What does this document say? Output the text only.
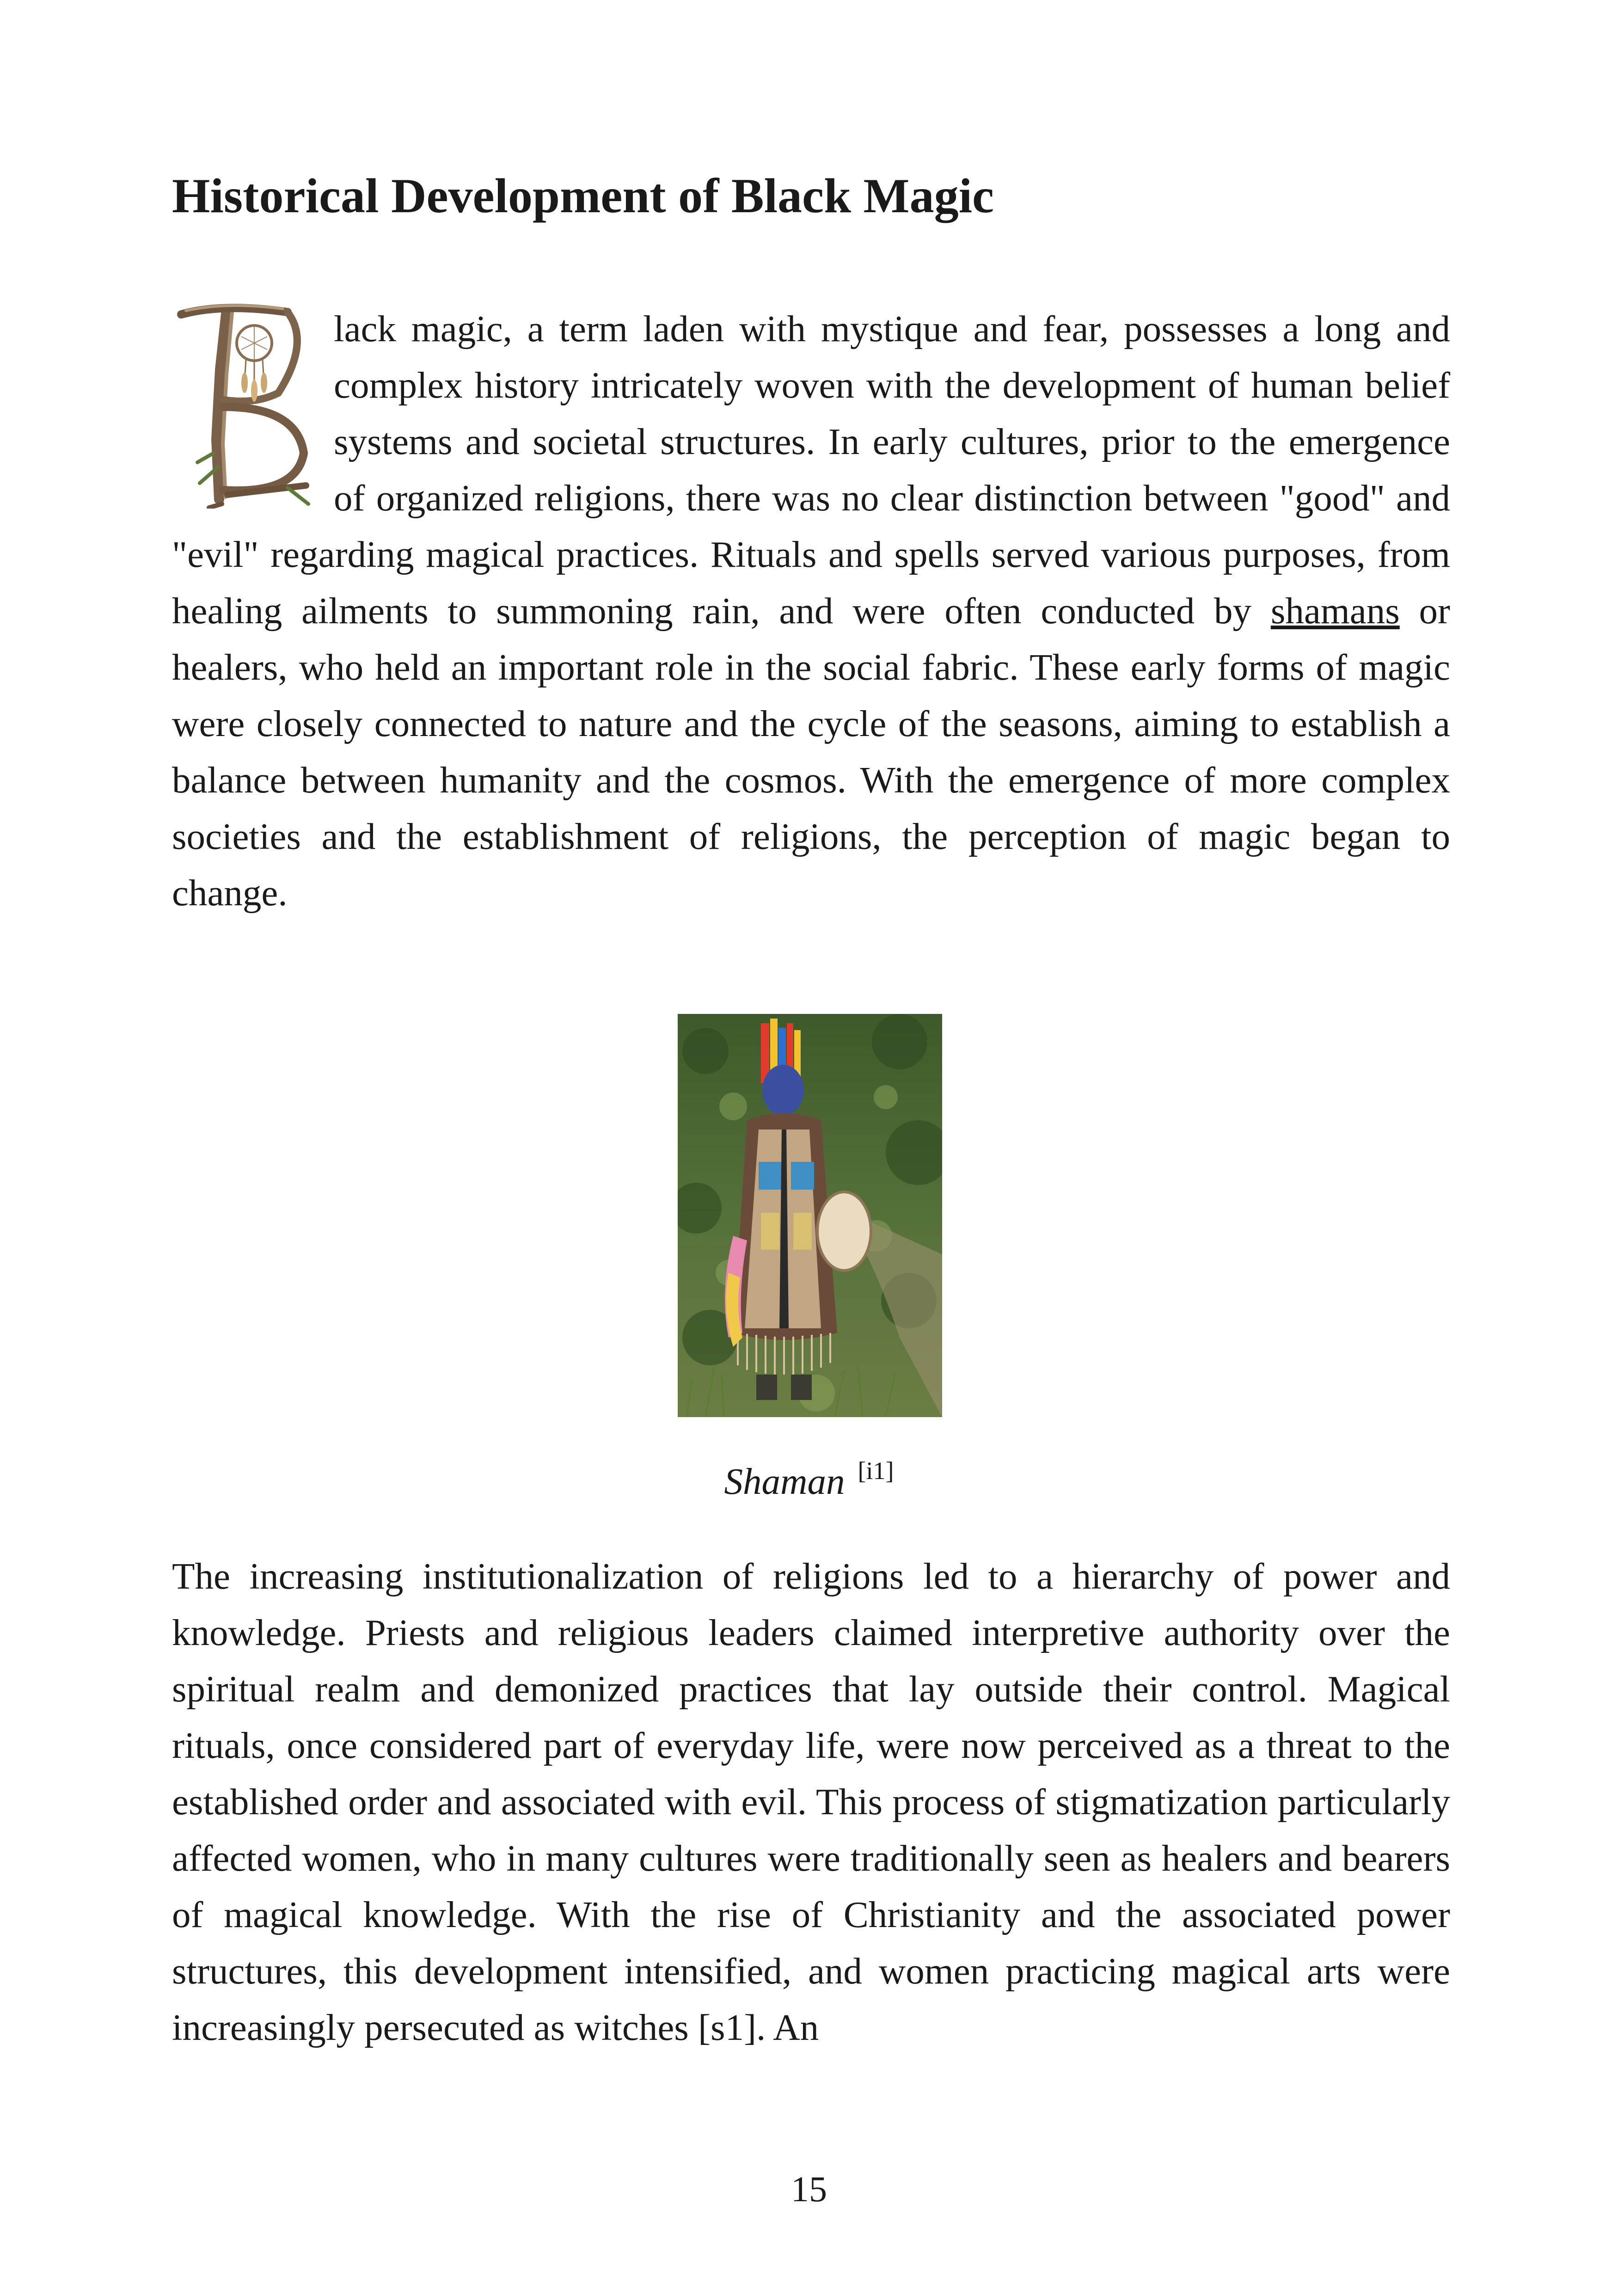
Historical Development of Black Magic

lack magic, a term laden with mystique and fear, possesses a long and complex history intricately woven with the development of human belief systems and societal structures. In early cultures, prior to the emergence of organized religions, there was no clear distinction between "good" and "evil" regarding magical practices. Rituals and spells served various purposes, from healing ailments to summoning rain, and were often conducted by shamans or healers, who held an important role in the social fabric. These early forms of magic were closely connected to nature and the cycle of the seasons, aiming to establish a balance between humanity and the cosmos. With the emergence of more complex societies and the establishment of religions, the perception of magic began to change.

Shaman [i1]

The increasing institutionalization of religions led to a hierarchy of power and knowledge. Priests and religious leaders claimed interpretive authority over the spiritual realm and demonized practices that lay outside their control. Magical rituals, once considered part of everyday life, were now perceived as a threat to the established order and associated with evil. This process of stigmatization particularly affected women, who in many cultures were traditionally seen as healers and bearers of magical knowledge. With the rise of Christianity and the associated power structures, this development intensified, and women practicing magical arts were increasingly persecuted as witches [s1]. An

15
